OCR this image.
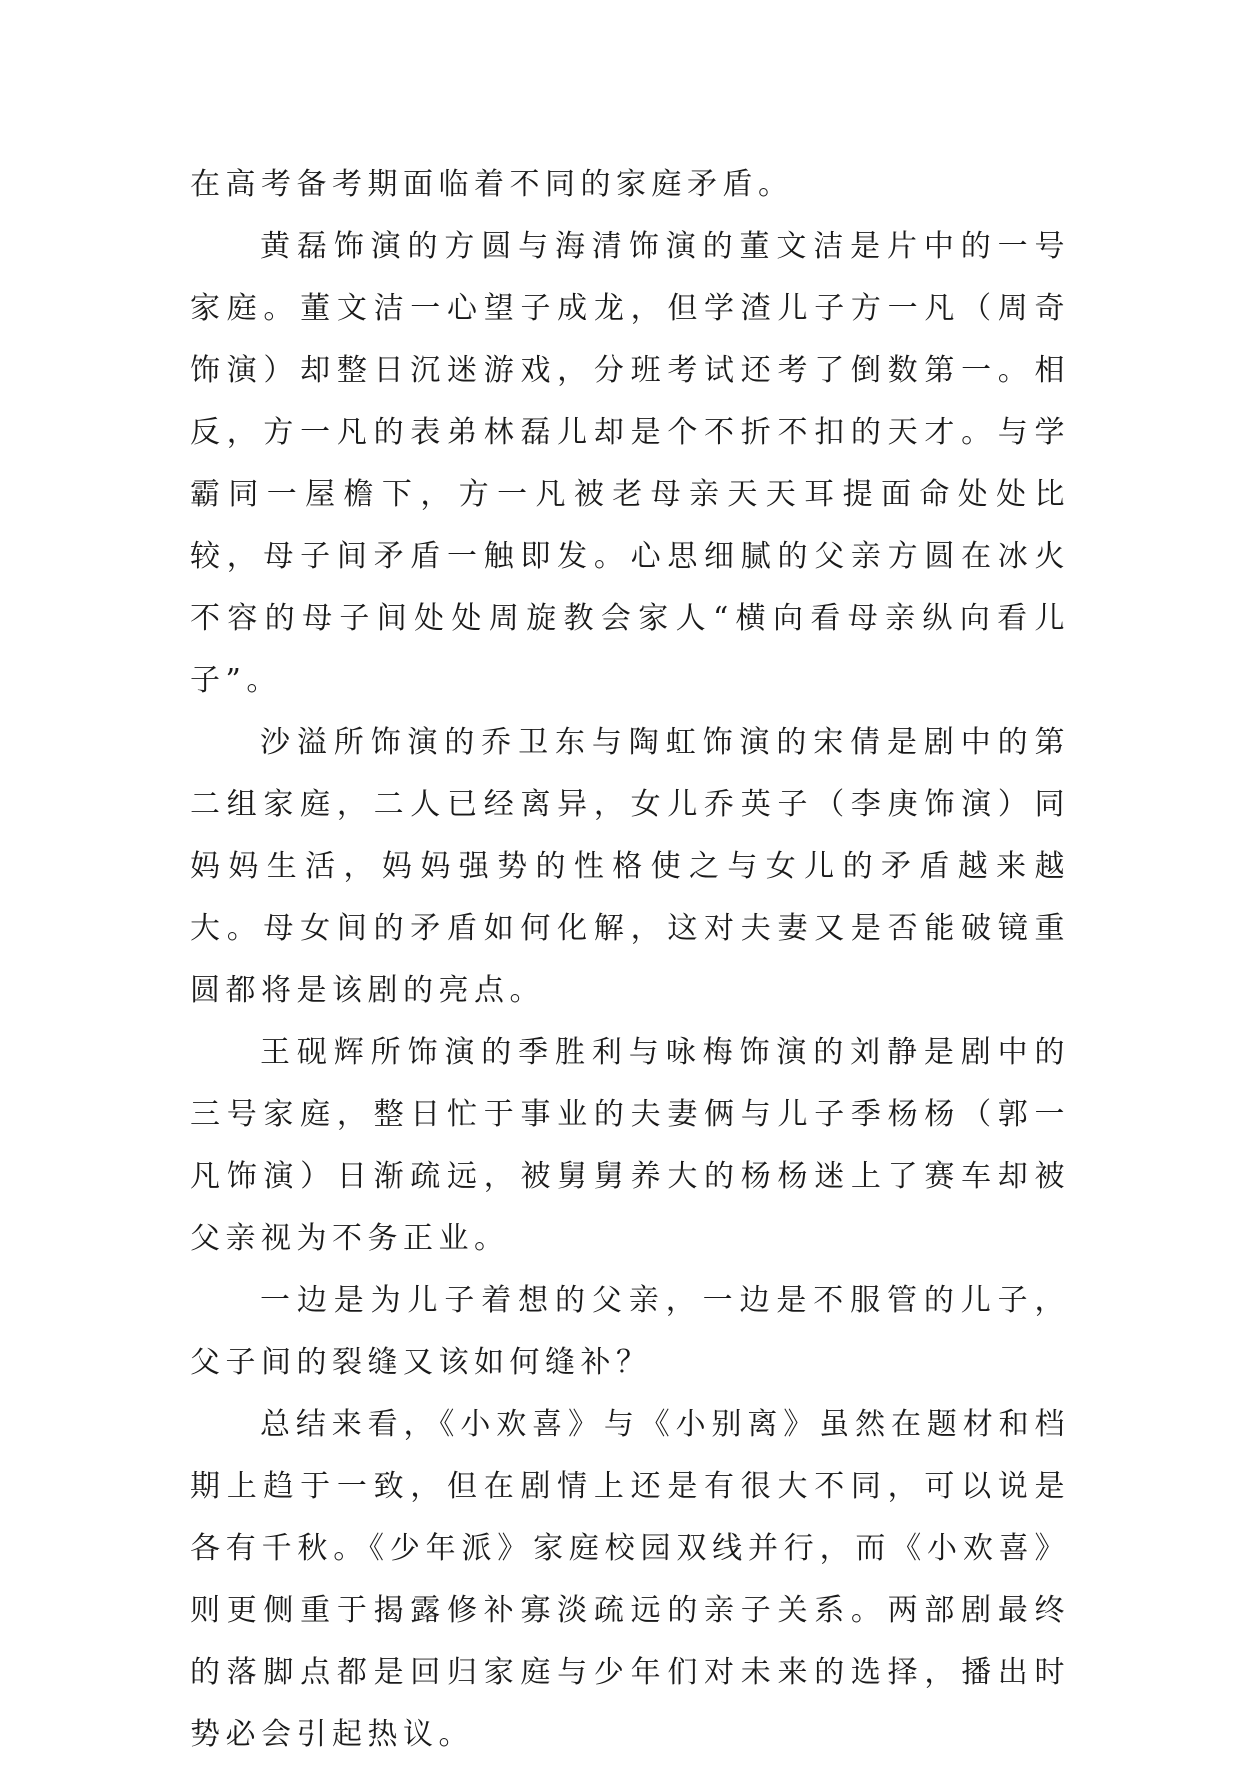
在高考备考期面临着不同的家庭矛盾。

黄磊饰演的方圆与海清饰演的董文洁是片中的一号家庭。董文洁一心望子成龙，但学渣儿子方一凡（周奇饰演）却整日沉迷游戏，分班考试还考了倒数第一。相反，方一凡的表弟林磊儿却是个不折不扣的天才。与学霸同一屋檐下，方一凡被老母亲天天耳提面命处处比较，母子间矛盾一触即发。心思细腻的父亲方圆在冰火不容的母子间处处周旋教会家人“横向看母亲纵向看儿子”。

沙溢所饰演的乔卫东与陶虹饰演的宋倩是剧中的第二组家庭，二人已经离异，女儿乔英子（李庚饰演）同妈妈生活，妈妈强势的性格使之与女儿的矛盾越来越大。母女间的矛盾如何化解，这对夫妻又是否能破镜重圆都将是该剧的亮点。

王砚辉所饰演的季胜利与咏梅饰演的刘静是剧中的三号家庭，整日忙于事业的夫妻俩与儿子季杨杨（郭一凡饰演）日渐疏远，被舅舅养大的杨杨迷上了赛车却被父亲视为不务正业。

一边是为儿子着想的父亲，一边是不服管的儿子，父子间的裂缝又该如何缝补？

总结来看，《小欢喜》与《小别离》虽然在题材和档期上趋于一致，但在剧情上还是有很大不同，可以说是各有千秋。《少年派》家庭校园双线并行，而《小欢喜》则更侧重于揭露修补寡淡疏远的亲子关系。两部剧最终的落脚点都是回归家庭与少年们对未来的选择，播出时势必会引起热议。
